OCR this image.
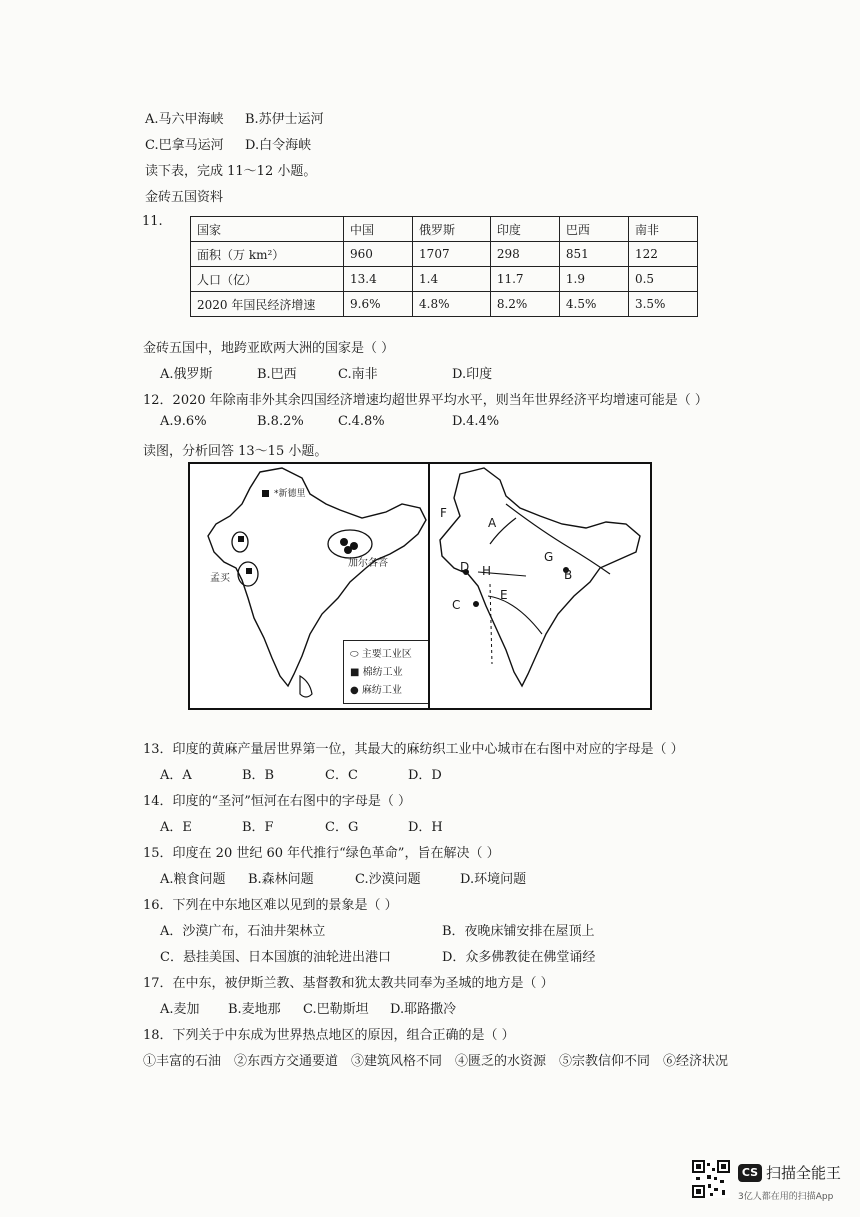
A.马六甲海峡 B.苏伊士运河
C.巴拿马运河 D.白令海峡
读下表，完成 11～12 小题。
金砖五国资料
11.
国家	中国	俄罗斯	印度	巴西	南非
面积（万 km²）	960	1707	298	851	122
人口（亿）	13.4	1.4	11.7	1.9	0.5
2020 年国民经济增速	9.6%	4.8%	8.2%	4.5%	3.5%
金砖五国中，地跨亚欧两大洲的国家是（ ）
A.俄罗斯	B.巴西	C.南非	D.印度
12．2020 年除南非外其余四国经济增速均超世界平均水平，则当年世界经济平均增速可能是（ ）
A.9.6%	B.8.2%	C.4.8%	D.4.4%
读图，分析回答 13～15 小题。
*新德里
加尔各答
孟买
⬭ 主要工业区
■ 棉纺工业
● 麻纺工业
A
B
C
D
E
F
G
H
13．印度的黄麻产量居世界第一位，其最大的麻纺织工业中心城市在右图中对应的字母是（ ）
A．A	B．B	C．C	D．D
14．印度的“圣河”恒河在右图中的字母是（ ）
A．E	B．F	C．G	D．H
15．印度在 20 世纪 60 年代推行“绿色革命”，旨在解决（ ）
A.粮食问题 B.森林问题	C.沙漠问题	D.环境问题
16．下列在中东地区难以见到的景象是（ ）
A．沙漠广布，石油井架林立	B．夜晚床铺安排在屋顶上
C．悬挂美国、日本国旗的油轮进出港口	D．众多佛教徒在佛堂诵经
17．在中东，被伊斯兰教、基督教和犹太教共同奉为圣城的地方是（ ）
A.麦加 B.麦地那 C.巴勒斯坦 D.耶路撒冷
18．下列关于中东成为世界热点地区的原因，组合正确的是（ ）
①丰富的石油　②东西方交通要道　③建筑风格不同　④匮乏的水资源　⑤宗教信仰不同　⑥经济状况
CS 扫描全能王
3亿人都在用的扫描App
